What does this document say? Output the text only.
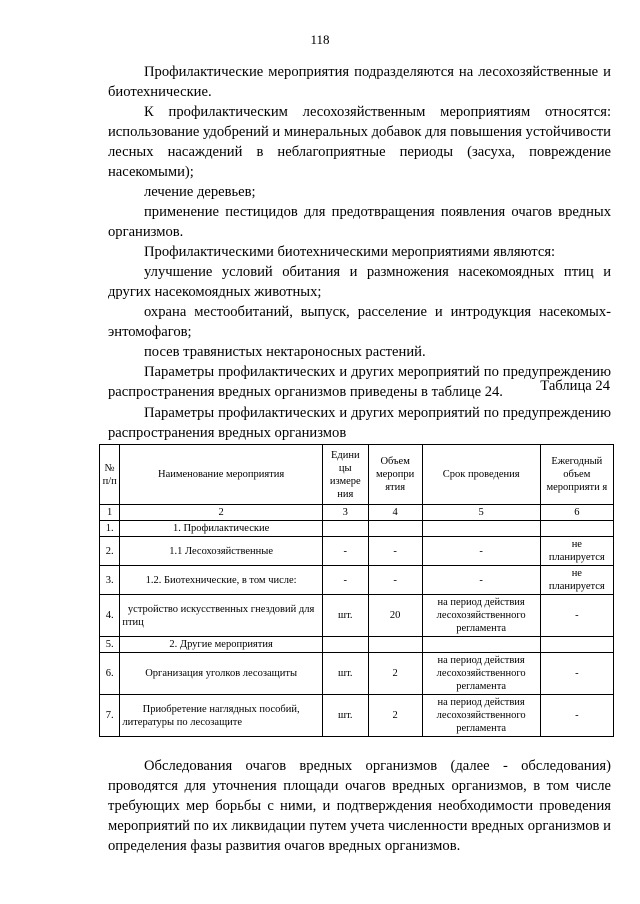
118

Профилактические мероприятия подразделяются на лесохозяйственные и биотехнические.

К профилактическим лесохозяйственным мероприятиям относятся: использование удобрений и минеральных добавок для повышения устойчивости лесных насаждений в неблагоприятные периоды (засуха, повреждение насекомыми);

лечение деревьев;

применение пестицидов для предотвращения появления очагов вредных организмов.

Профилактическими биотехническими мероприятиями являются:

улучшение условий обитания и размножения насекомоядных птиц и других насекомоядных животных;

охрана местообитаний, выпуск, расселение и интродукция насекомых-энтомофагов;

посев травянистых нектароносных растений.

Параметры профилактических и других мероприятий по предупреждению распространения вредных организмов приведены в таблице 24.	Таблица 24

Параметры профилактических и других мероприятий по предупреждению распространения вредных организмов

№ п/п	Наименование мероприятия	Едини цы измере ния	Объем меропри ятия	Срок проведения	Ежегодный объем мероприяти я
1	2	3	4	5	6
1.	1. Профилактические				
2.	1.1 Лесохозяйственные	-	-	-	не планируется
3.	1.2. Биотехнические, в том числе:	-	-	-	не планируется
4.	устройство искусственных гнездовий для птиц	шт.	20	на период действия лесохозяйственного регламента	-
5.	2. Другие мероприятия				
6.	Организация уголков лесозащиты	шт.	2	на период действия лесохозяйственного регламента	-
7.	Приобретение наглядных пособий, литературы по лесозащите	шт.	2	на период действия лесохозяйственного регламента	-

Обследования очагов вредных организмов (далее - обследования) проводятся для уточнения площади очагов вредных организмов, в том числе требующих мер борьбы с ними, и подтверждения необходимости проведения мероприятий по их ликвидации путем учета численности вредных организмов и определения фазы развития очагов вредных организмов.
